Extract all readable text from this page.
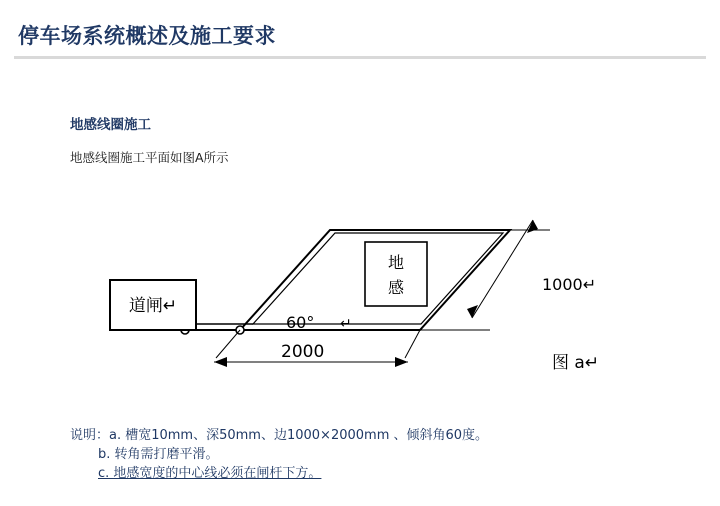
停车场系统概述及施工要求
地感线圈施工
地感线圈施工平面如图A所示
道闸↵
地
感	1000↵
2000
60° ↵
图 a↵
说明：a. 槽宽10mm、深50mm、边1000×2000mm 、倾斜角60度。
b. 转角需打磨平滑。
c. 地感宽度的中心线必须在闸杆下方。
